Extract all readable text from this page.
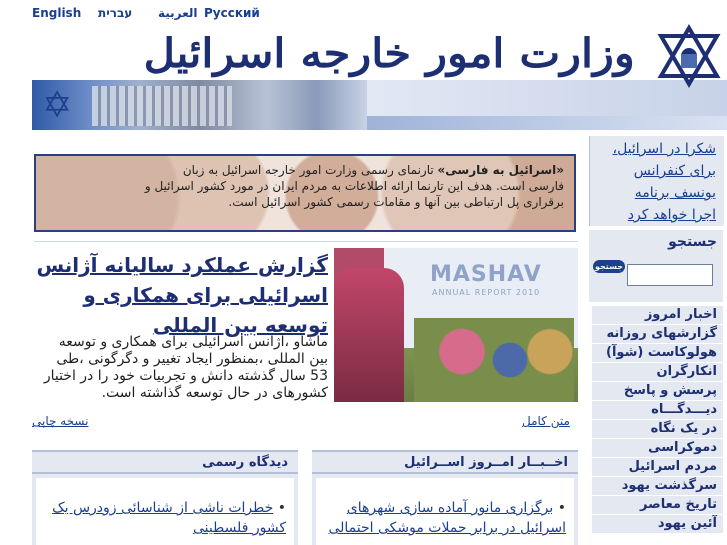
English עברית العربية Русский
✡
وزارت امور خارجه اسرائیل
شکرا در اسرائیل،
برای کنفرانس
یونسف برنامه
اجرا خواهد کرد
جستجو
جستجو
اخبار امروز
گزارشهای روزانه
هولوکاست (شوآ)
انکارگران
پرسش و پاسخ
دیـــدگـــاه
در یک نگاه
دموکراسی
مردم اسرائیل
سرگذشت یهود
تاریخ معاصر
آئین یهود
«اسرائیل به فارسی» تارنمای رسمی وزارت امور خارجه اسرائیل به زبان فارسی است. هدف این تارنما ارائه اطلاعات به مردم ایران در مورد کشور اسرائیل و برقراری پل ارتباطی بین آنها و مقامات رسمی کشور اسرائیل است.
MASHAV
ANNUAL REPORT 2010
گزارش عملکرد سالیانه آژانس اسرائیلی برای همکاری و توسعه بین المللی
ماشاو ،آژانس اسرائیلی برای همکاری و توسعه بین المللی ،بمنظور ایجاد تغییر و دگرگونی ،طی 53 سال گذشته دانش و تجربیات خود را در اختیار کشورهای در حال توسعه گذاشته است.
متن کامل
نسخه چاپی
اخــبــار امــروز اســرائیل
• برگزاری مانور آماده سازی شهرهای اسرائیل در برابر حملات موشکی احتمالی
دیدگاه رسمی
• خطرات ناشی از شناسائی زودرس یک کشور فلسطینی
